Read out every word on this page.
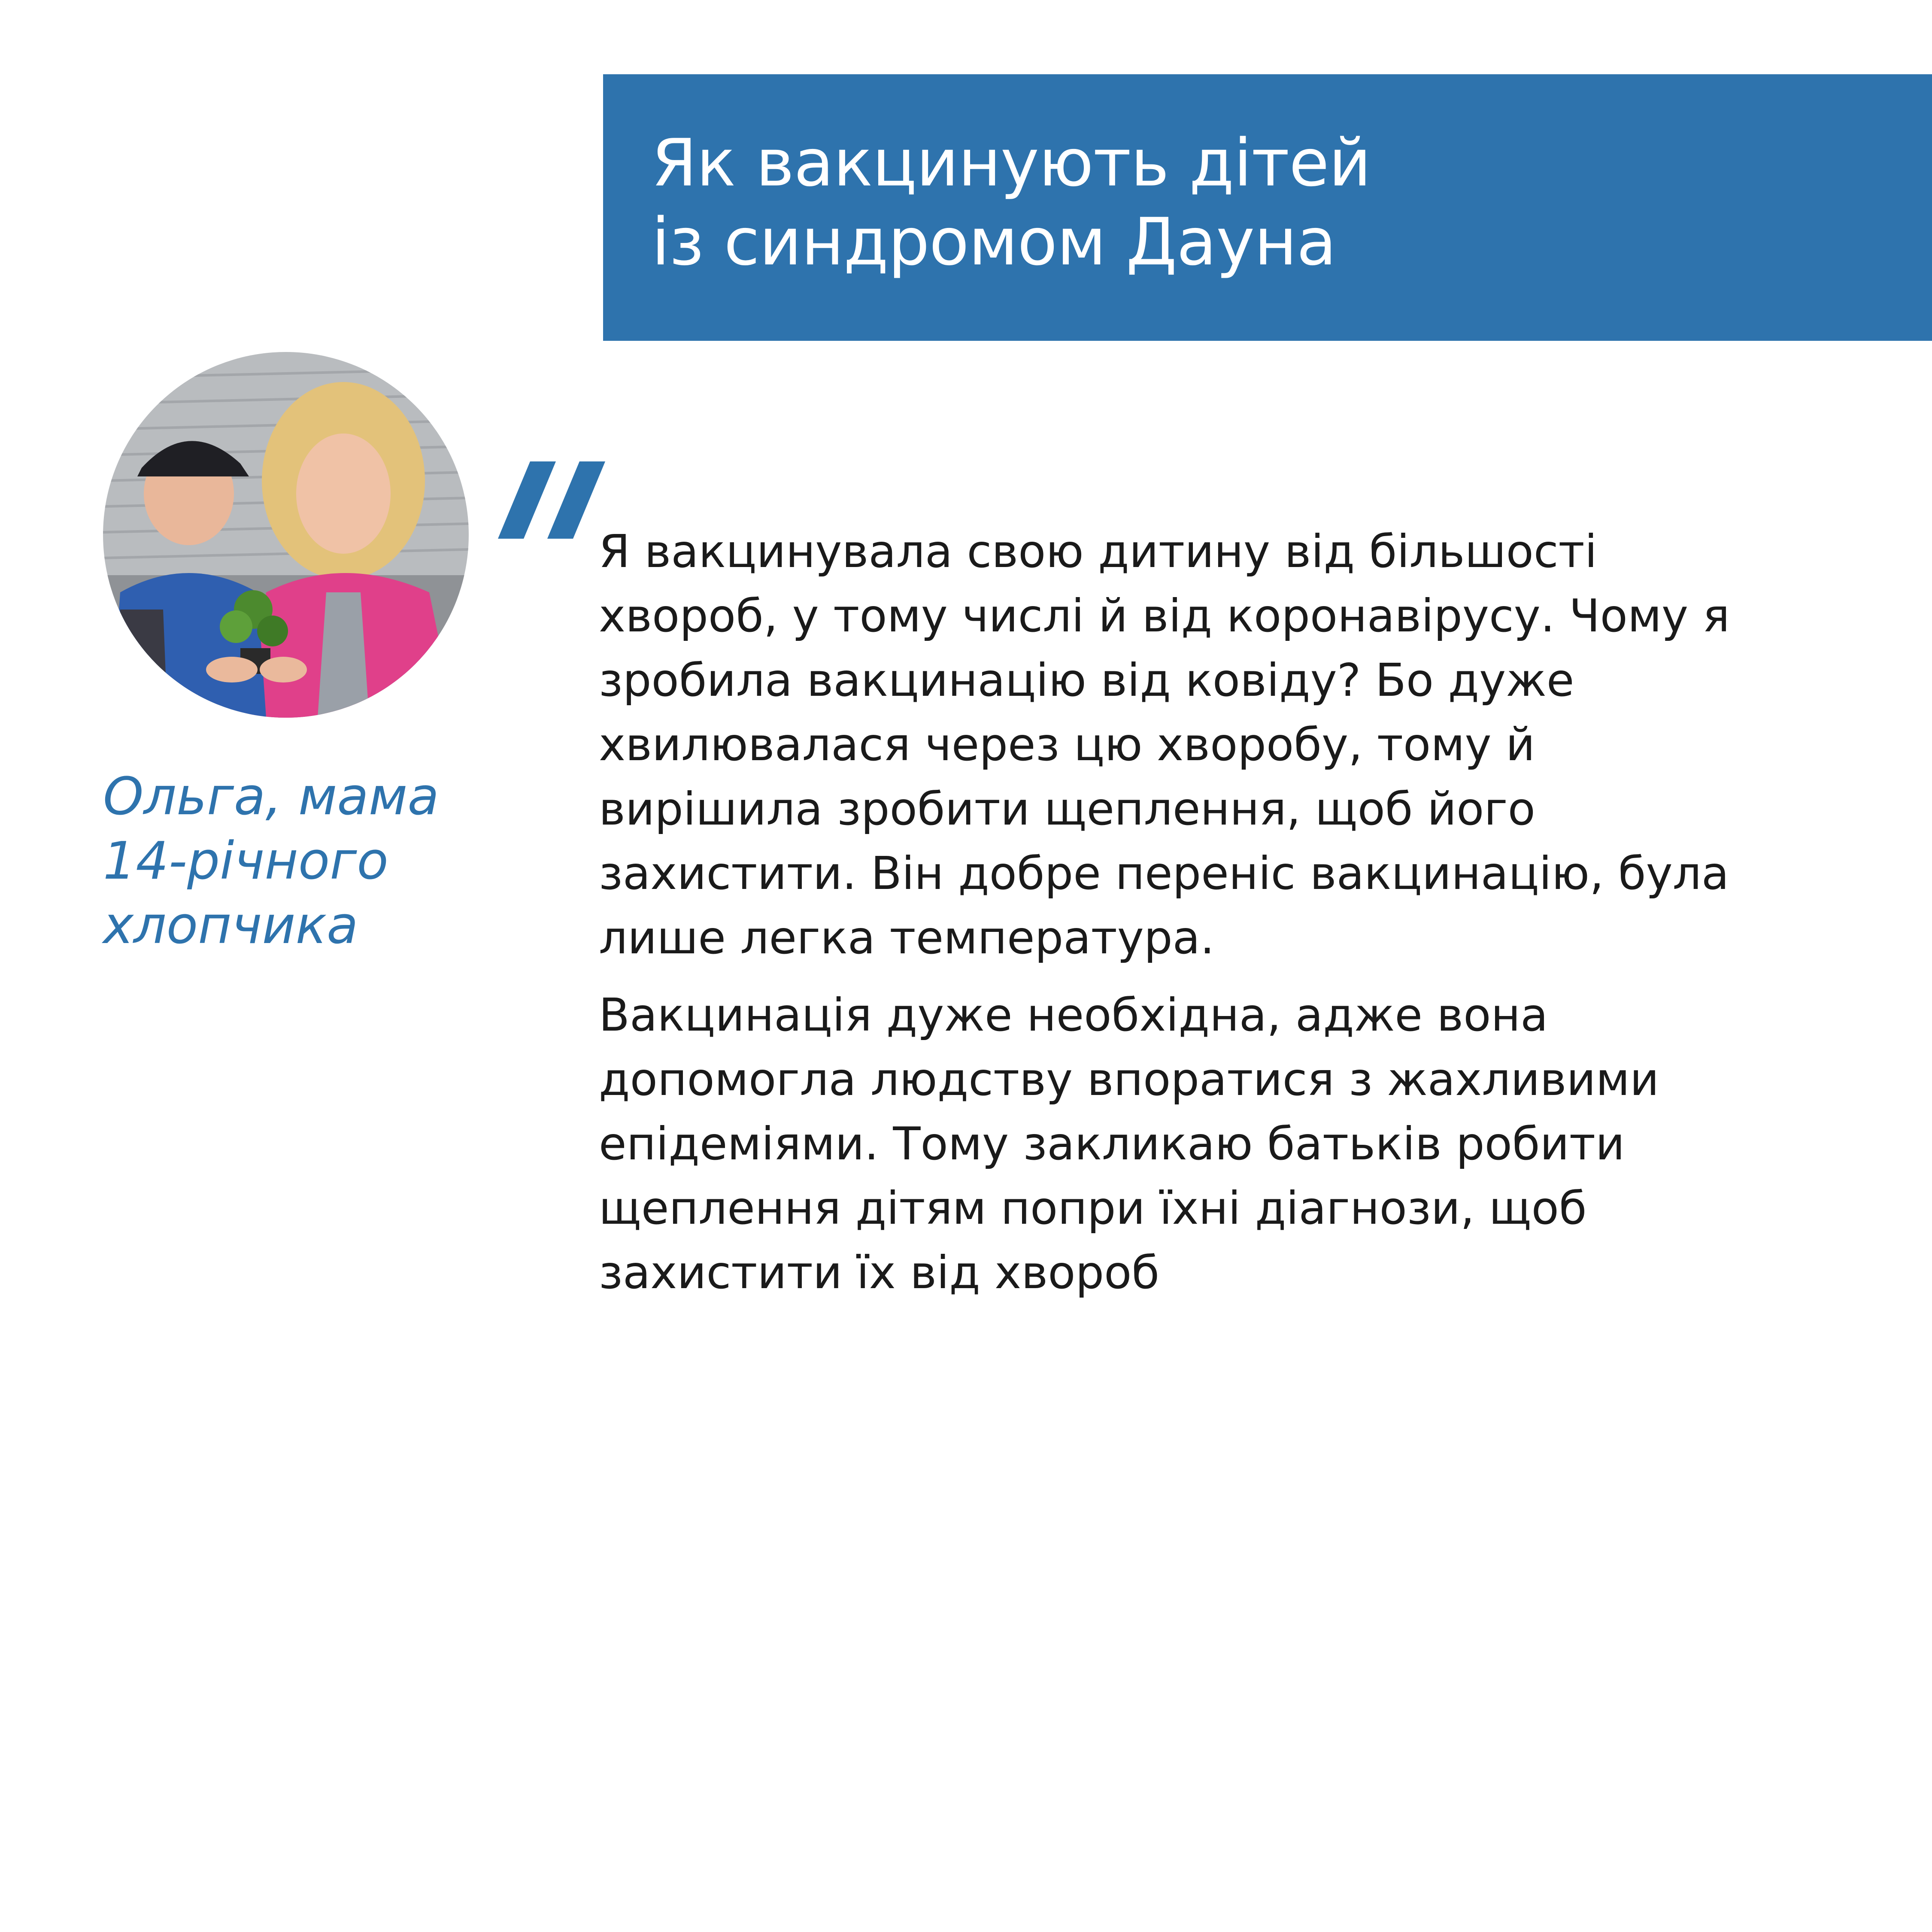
Як вакцинують дітей
із синдромом Дауна
Ольга, мама
14-річного
хлопчика
Я вакцинувала свою дитину від більшості
хвороб, у тому числі й від коронавірусу. Чому я
зробила вакцинацію від ковіду? Бо дуже
хвилювалася через цю хворобу, тому й
вирішила зробити щеплення, щоб його
захистити. Він добре переніс вакцинацію, була
лише легка температура.
Вакцинація дуже необхідна, адже вона
допомогла людству впоратися з жахливими
епідеміями. Тому закликаю батьків робити
щеплення дітям попри їхні діагнози, щоб
захистити їх від хвороб
